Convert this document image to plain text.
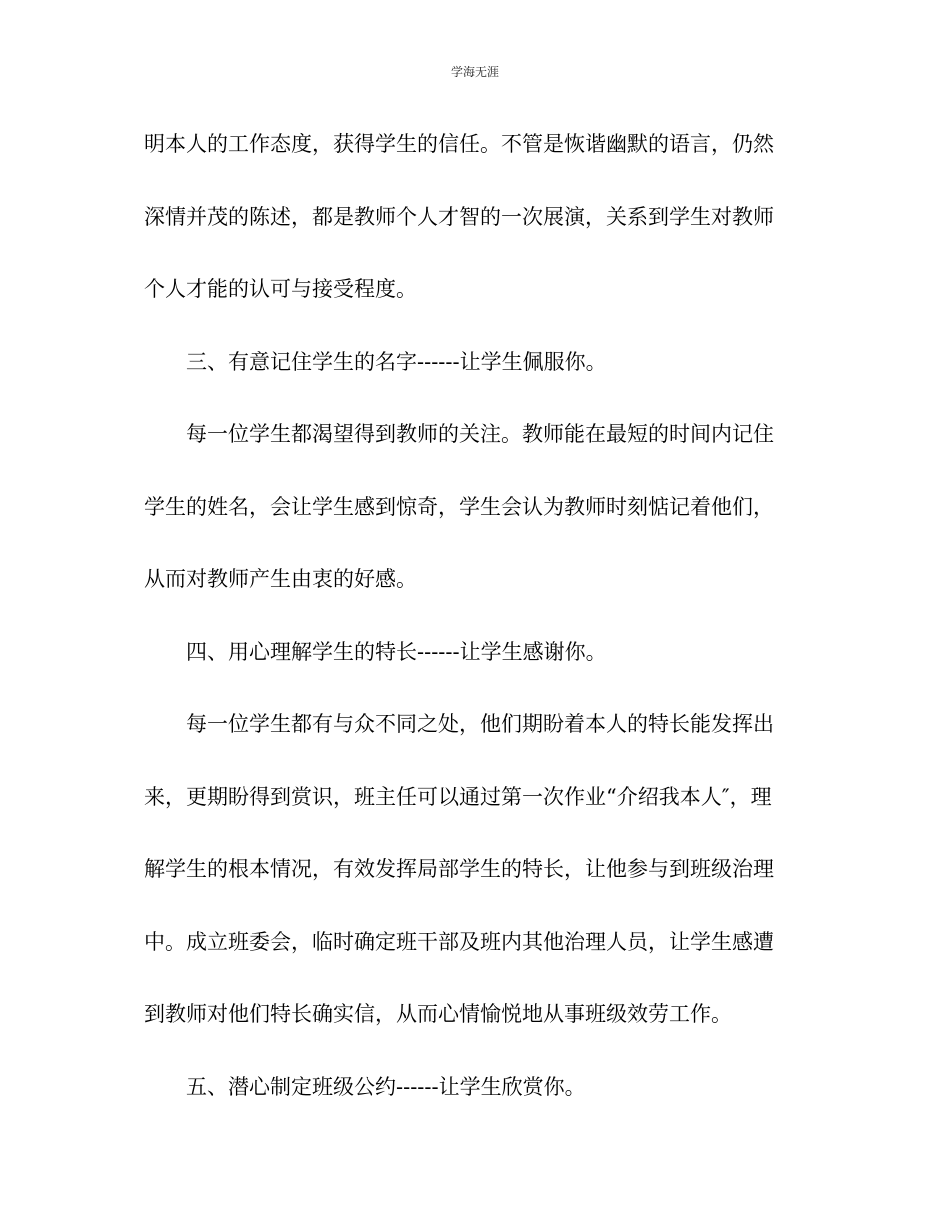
学海无涯
明本人的工作态度，获得学生的信任。不管是恢谐幽默的语言，仍然
深情并茂的陈述，都是教师个人才智的一次展演，关系到学生对教师
个人才能的认可与接受程度。
三、有意记住学生的名字------让学生佩服你。
每一位学生都渴望得到教师的关注。教师能在最短的时间内记住
学生的姓名，会让学生感到惊奇，学生会认为教师时刻惦记着他们，
从而对教师产生由衷的好感。
四、用心理解学生的特长------让学生感谢你。
每一位学生都有与众不同之处，他们期盼着本人的特长能发挥出
来，更期盼得到赏识，班主任可以通过第一次作业“介绍我本人″，理
解学生的根本情况，有效发挥局部学生的特长，让他参与到班级治理
中。成立班委会，临时确定班干部及班内其他治理人员，让学生感遭
到教师对他们特长确实信，从而心情愉悦地从事班级效劳工作。
五、潜心制定班级公约------让学生欣赏你。
